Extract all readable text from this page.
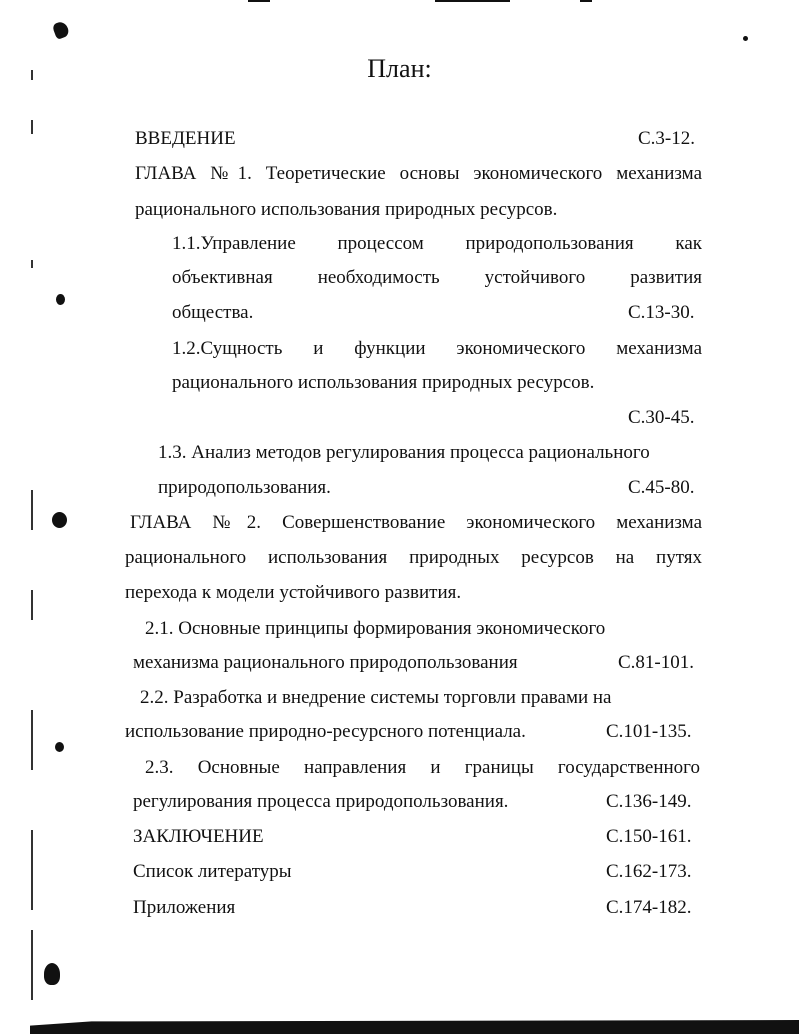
План:
ВВЕДЕНИЕ	С.3-12.
ГЛАВА №1. Теоретические основы экономического механизма
рационального использования природных ресурсов.
1.1.Управление процессом природопользования как
объективная необходимость устойчивого развития
общества.	С.13-30.
1.2.Сущность и функции экономического механизма
рационального использования природных ресурсов.
С.30-45.
1.3. Анализ методов регулирования процесса рационального
природопользования.	С.45-80.
ГЛАВА №2. Совершенствование экономического механизма
рационального использования природных ресурсов на путях
перехода к модели устойчивого развития.
2.1. Основные принципы формирования экономического
механизма рационального природопользования	С.81-101.
2.2. Разработка и внедрение системы торговли правами на
использование природно-ресурсного потенциала.	С.101-135.
2.3. Основные направления и границы государственного
регулирования процесса природопользования.	С.136-149.
ЗАКЛЮЧЕНИЕ	С.150-161.
Список литературы	С.162-173.
Приложения	С.174-182.
